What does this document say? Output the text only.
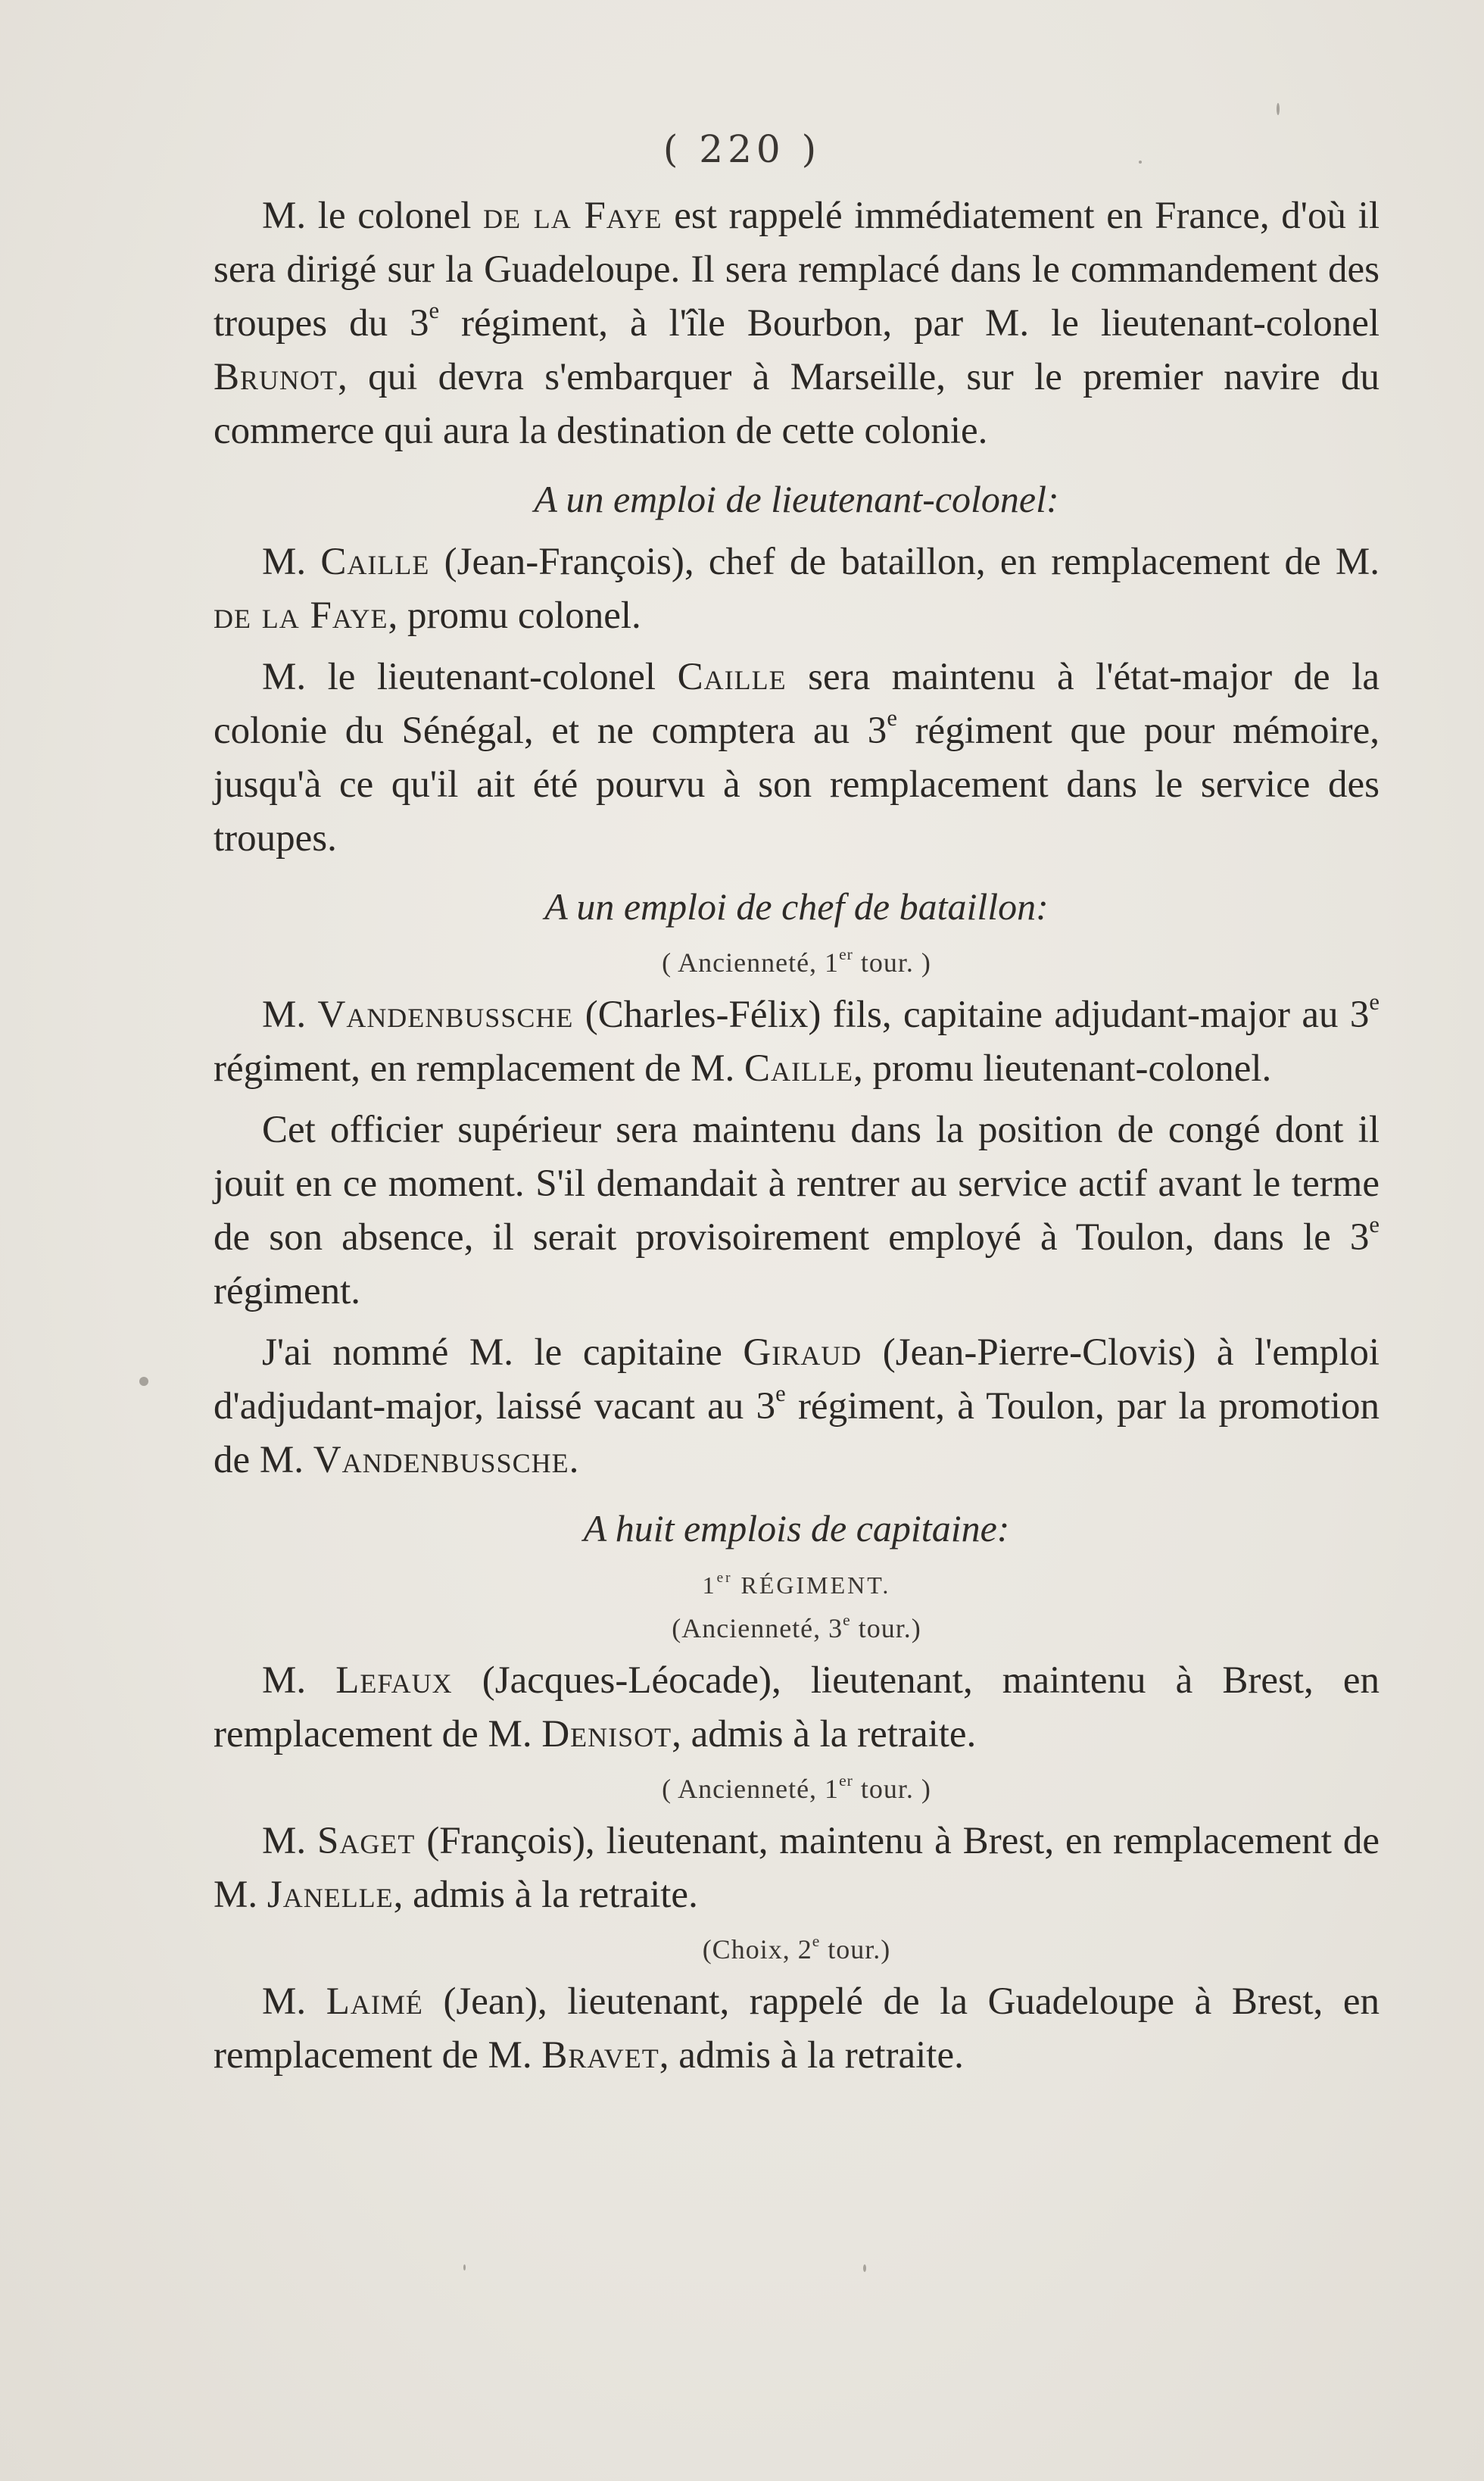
( 220 )

M. le colonel de la Faye est rappelé immédiatement en France, d'où il sera dirigé sur la Guadeloupe. Il sera remplacé dans le commandement des troupes du 3e régiment, à l'île Bourbon, par M. le lieutenant-colonel Brunot, qui devra s'embarquer à Marseille, sur le premier navire du commerce qui aura la destination de cette colonie.

A un emploi de lieutenant-colonel:

M. Caille (Jean-François), chef de bataillon, en remplacement de M. de la Faye, promu colonel.

M. le lieutenant-colonel Caille sera maintenu à l'état-major de la colonie du Sénégal, et ne comptera au 3e régiment que pour mémoire, jusqu'à ce qu'il ait été pourvu à son remplacement dans le service des troupes.

A un emploi de chef de bataillon:
( Ancienneté, 1er tour. )

M. Vandenbussche (Charles-Félix) fils, capitaine adjudant-major au 3e régiment, en remplacement de M. Caille, promu lieutenant-colonel.

Cet officier supérieur sera maintenu dans la position de congé dont il jouit en ce moment. S'il demandait à rentrer au service actif avant le terme de son absence, il serait provisoirement employé à Toulon, dans le 3e régiment.

J'ai nommé M. le capitaine Giraud (Jean-Pierre-Clovis) à l'emploi d'adjudant-major, laissé vacant au 3e régiment, à Toulon, par la promotion de M. Vandenbussche.

A huit emplois de capitaine:
1er RÉGIMENT.
(Ancienneté, 3e tour.)

M. Lefaux (Jacques-Léocade), lieutenant, maintenu à Brest, en remplacement de M. Denisot, admis à la retraite.

( Ancienneté, 1er tour. )

M. Saget (François), lieutenant, maintenu à Brest, en remplacement de M. Janelle, admis à la retraite.

(Choix, 2e tour.)

M. Laimé (Jean), lieutenant, rappelé de la Guadeloupe à Brest, en remplacement de M. Bravet, admis à la retraite.
